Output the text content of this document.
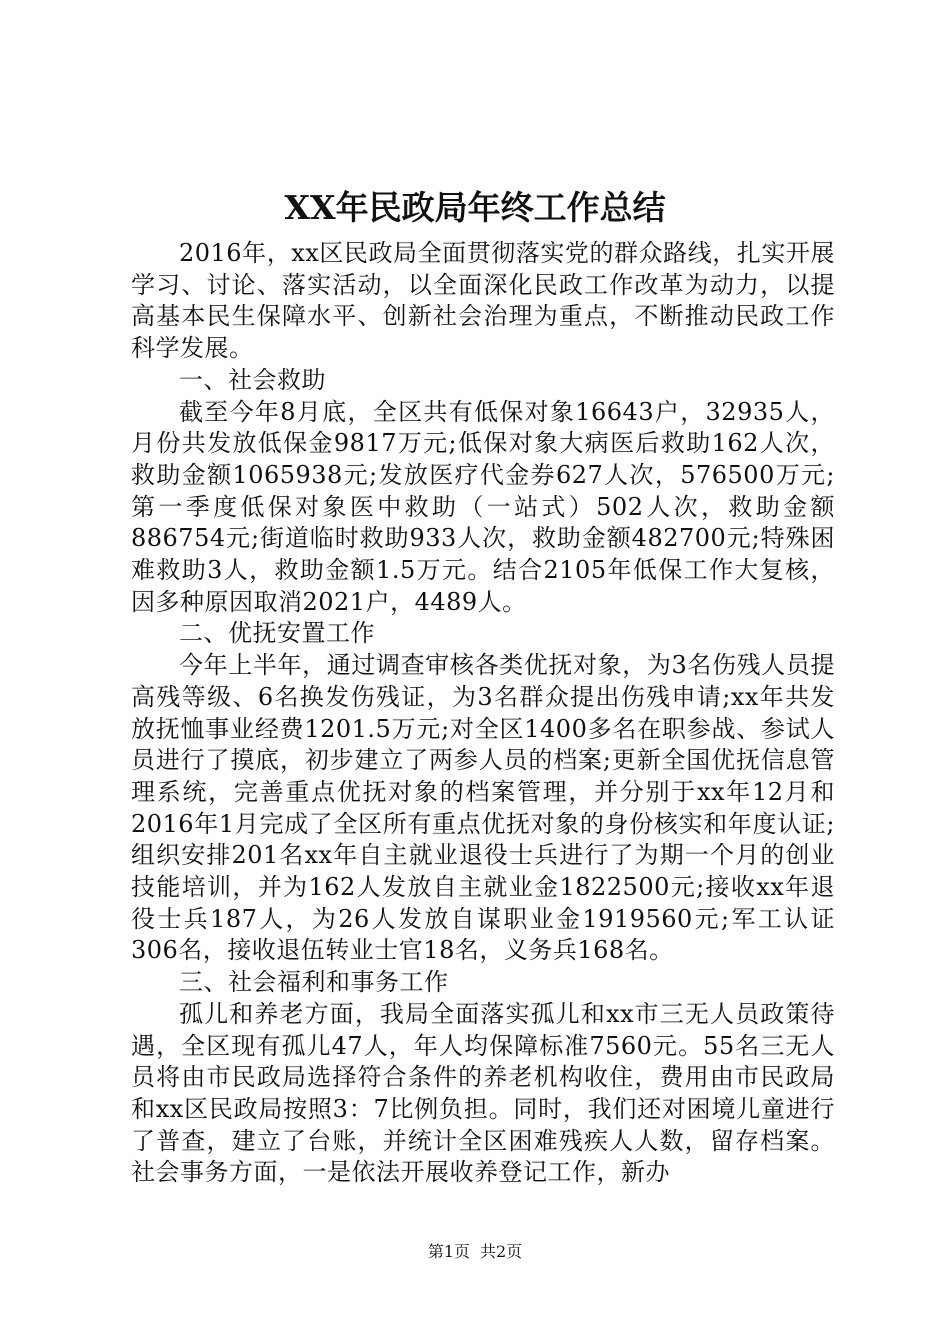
XX年民政局年终工作总结

2016年，xx区民政局全面贯彻落实党的群众路线，扎实开展学习、讨论、落实活动，以全面深化民政工作改革为动力，以提高基本民生保障水平、创新社会治理为重点，不断推动民政工作科学发展。

一、社会救助

截至今年8月底，全区共有低保对象16643户，32935人，月份共发放低保金9817万元;低保对象大病医后救助162人次，救助金额1065938元;发放医疗代金券627人次，576500万元;第一季度低保对象医中救助（一站式）502人次，救助金额886754元;街道临时救助933人次，救助金额482700元;特殊困难救助3人，救助金额1.5万元。结合2105年低保工作大复核，因多种原因取消2021户，4489人。

二、优抚安置工作

今年上半年，通过调查审核各类优抚对象，为3名伤残人员提高残等级、6名换发伤残证，为3名群众提出伤残申请;xx年共发放抚恤事业经费1201.5万元;对全区1400多名在职参战、参试人员进行了摸底，初步建立了两参人员的档案;更新全国优抚信息管理系统，完善重点优抚对象的档案管理，并分别于xx年12月和2016年1月完成了全区所有重点优抚对象的身份核实和年度认证;组织安排201名xx年自主就业退役士兵进行了为期一个月的创业技能培训，并为162人发放自主就业金1822500元;接收xx年退役士兵187人，为26人发放自谋职业金1919560元;军工认证306名，接收退伍转业士官18名，义务兵168名。

三、社会福利和事务工作

孤儿和养老方面，我局全面落实孤儿和xx市三无人员政策待遇，全区现有孤儿47人，年人均保障标准7560元。55名三无人员将由市民政局选择符合条件的养老机构收住，费用由市民政局和xx区民政局按照3：7比例负担。同时，我们还对困境儿童进行了普查，建立了台账，并统计全区困难残疾人人数，留存档案。社会事务方面，一是依法开展收养登记工作，新办

第1页 共2页
